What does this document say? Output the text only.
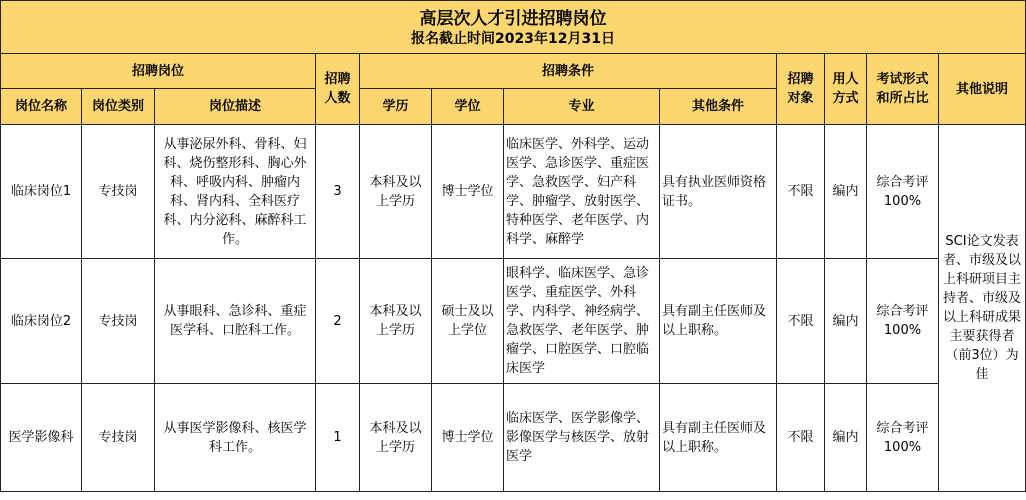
高层次人才引进招聘岗位
报名截止时间2023年12月31日											

招聘岗位			招聘人数	招聘条件				招聘对象	用人方式	考试形式和所占比	其他说明
岗位名称	岗位类别	岗位描述		学历	学位	专业	其他条件				
临床岗位1	专技岗	从事泌尿外科、骨科、妇科、烧伤整形科、胸心外科、呼吸内科、肿瘤内科、肾内科、全科医疗科、内分泌科、麻醉科工作。	3	本科及以上学历	博士学位	临床医学、外科学、运动医学、急诊医学、重症医学、急救医学、妇产科学、肿瘤学、放射医学、特种医学、老年医学、内科学、麻醉学	具有执业医师资格证书。	不限	编内	综合考评100%	SCI论文发表者、市级及以上科研项目主持者、市级及以上科研成果主要获得者（前3位）为佳
临床岗位2	专技岗	从事眼科、急诊科、重症医学科、口腔科工作。	2	本科及以上学历	硕士及以上学位	眼科学、临床医学、急诊医学、重症医学、外科学、内科学、神经病学、急救医学、老年医学、肿瘤学、口腔医学、口腔临床医学	具有副主任医师及以上职称。	不限	编内	综合考评100%	
医学影像科	专技岗	从事医学影像科、核医学科工作。	1	本科及以上学历	博士学位	临床医学、医学影像学、影像医学与核医学、放射医学	具有副主任医师及以上职称。	不限	编内	综合考评100%	
